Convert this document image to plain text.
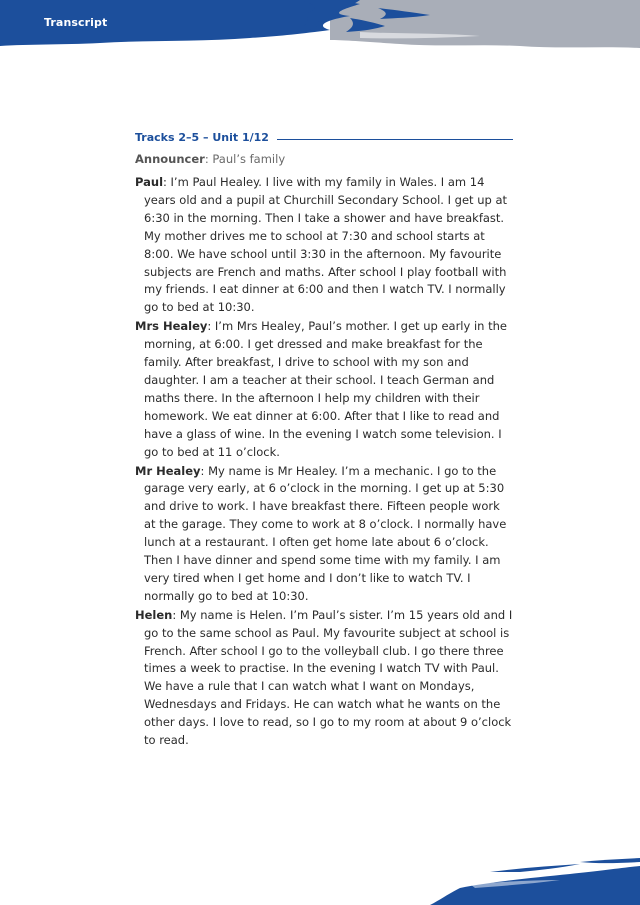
Transcript
Tracks 2–5 – Unit 1/12
Announcer: Paul’s family

Paul: I’m Paul Healey. I live with my family in Wales. I am 14 years old and a pupil at Churchill Secondary School. I get up at 6:30 in the morning. Then I take a shower and have breakfast. My mother drives me to school at 7:30 and school starts at 8:00. We have school until 3:30 in the afternoon. My favourite subjects are French and maths. After school I play football with my friends. I eat dinner at 6:00 and then I watch TV. I normally go to bed at 10:30.

Mrs Healey: I’m Mrs Healey, Paul’s mother. I get up early in the morning, at 6:00. I get dressed and make breakfast for the family. After breakfast, I drive to school with my son and daughter. I am a teacher at their school. I teach German and maths there. In the afternoon I help my children with their homework. We eat dinner at 6:00. After that I like to read and have a glass of wine. In the evening I watch some television. I go to bed at 11 o’clock.

Mr Healey: My name is Mr Healey. I’m a mechanic. I go to the garage very early, at 6 o’clock in the morning. I get up at 5:30 and drive to work. I have breakfast there. Fifteen people work at the garage. They come to work at 8 o’clock. I normally have lunch at a restaurant. I often get home late about 6 o’clock. Then I have dinner and spend some time with my family. I am very tired when I get home and I don’t like to watch TV. I normally go to bed at 10:30.

Helen: My name is Helen. I’m Paul’s sister. I’m 15 years old and I go to the same school as Paul. My favourite subject at school is French. After school I go to the volleyball club. I go there three times a week to practise. In the evening I watch TV with Paul. We have a rule that I can watch what I want on Mondays, Wednesdays and Fridays. He can watch what he wants on the other days. I love to read, so I go to my room at about 9 o’clock to read.
